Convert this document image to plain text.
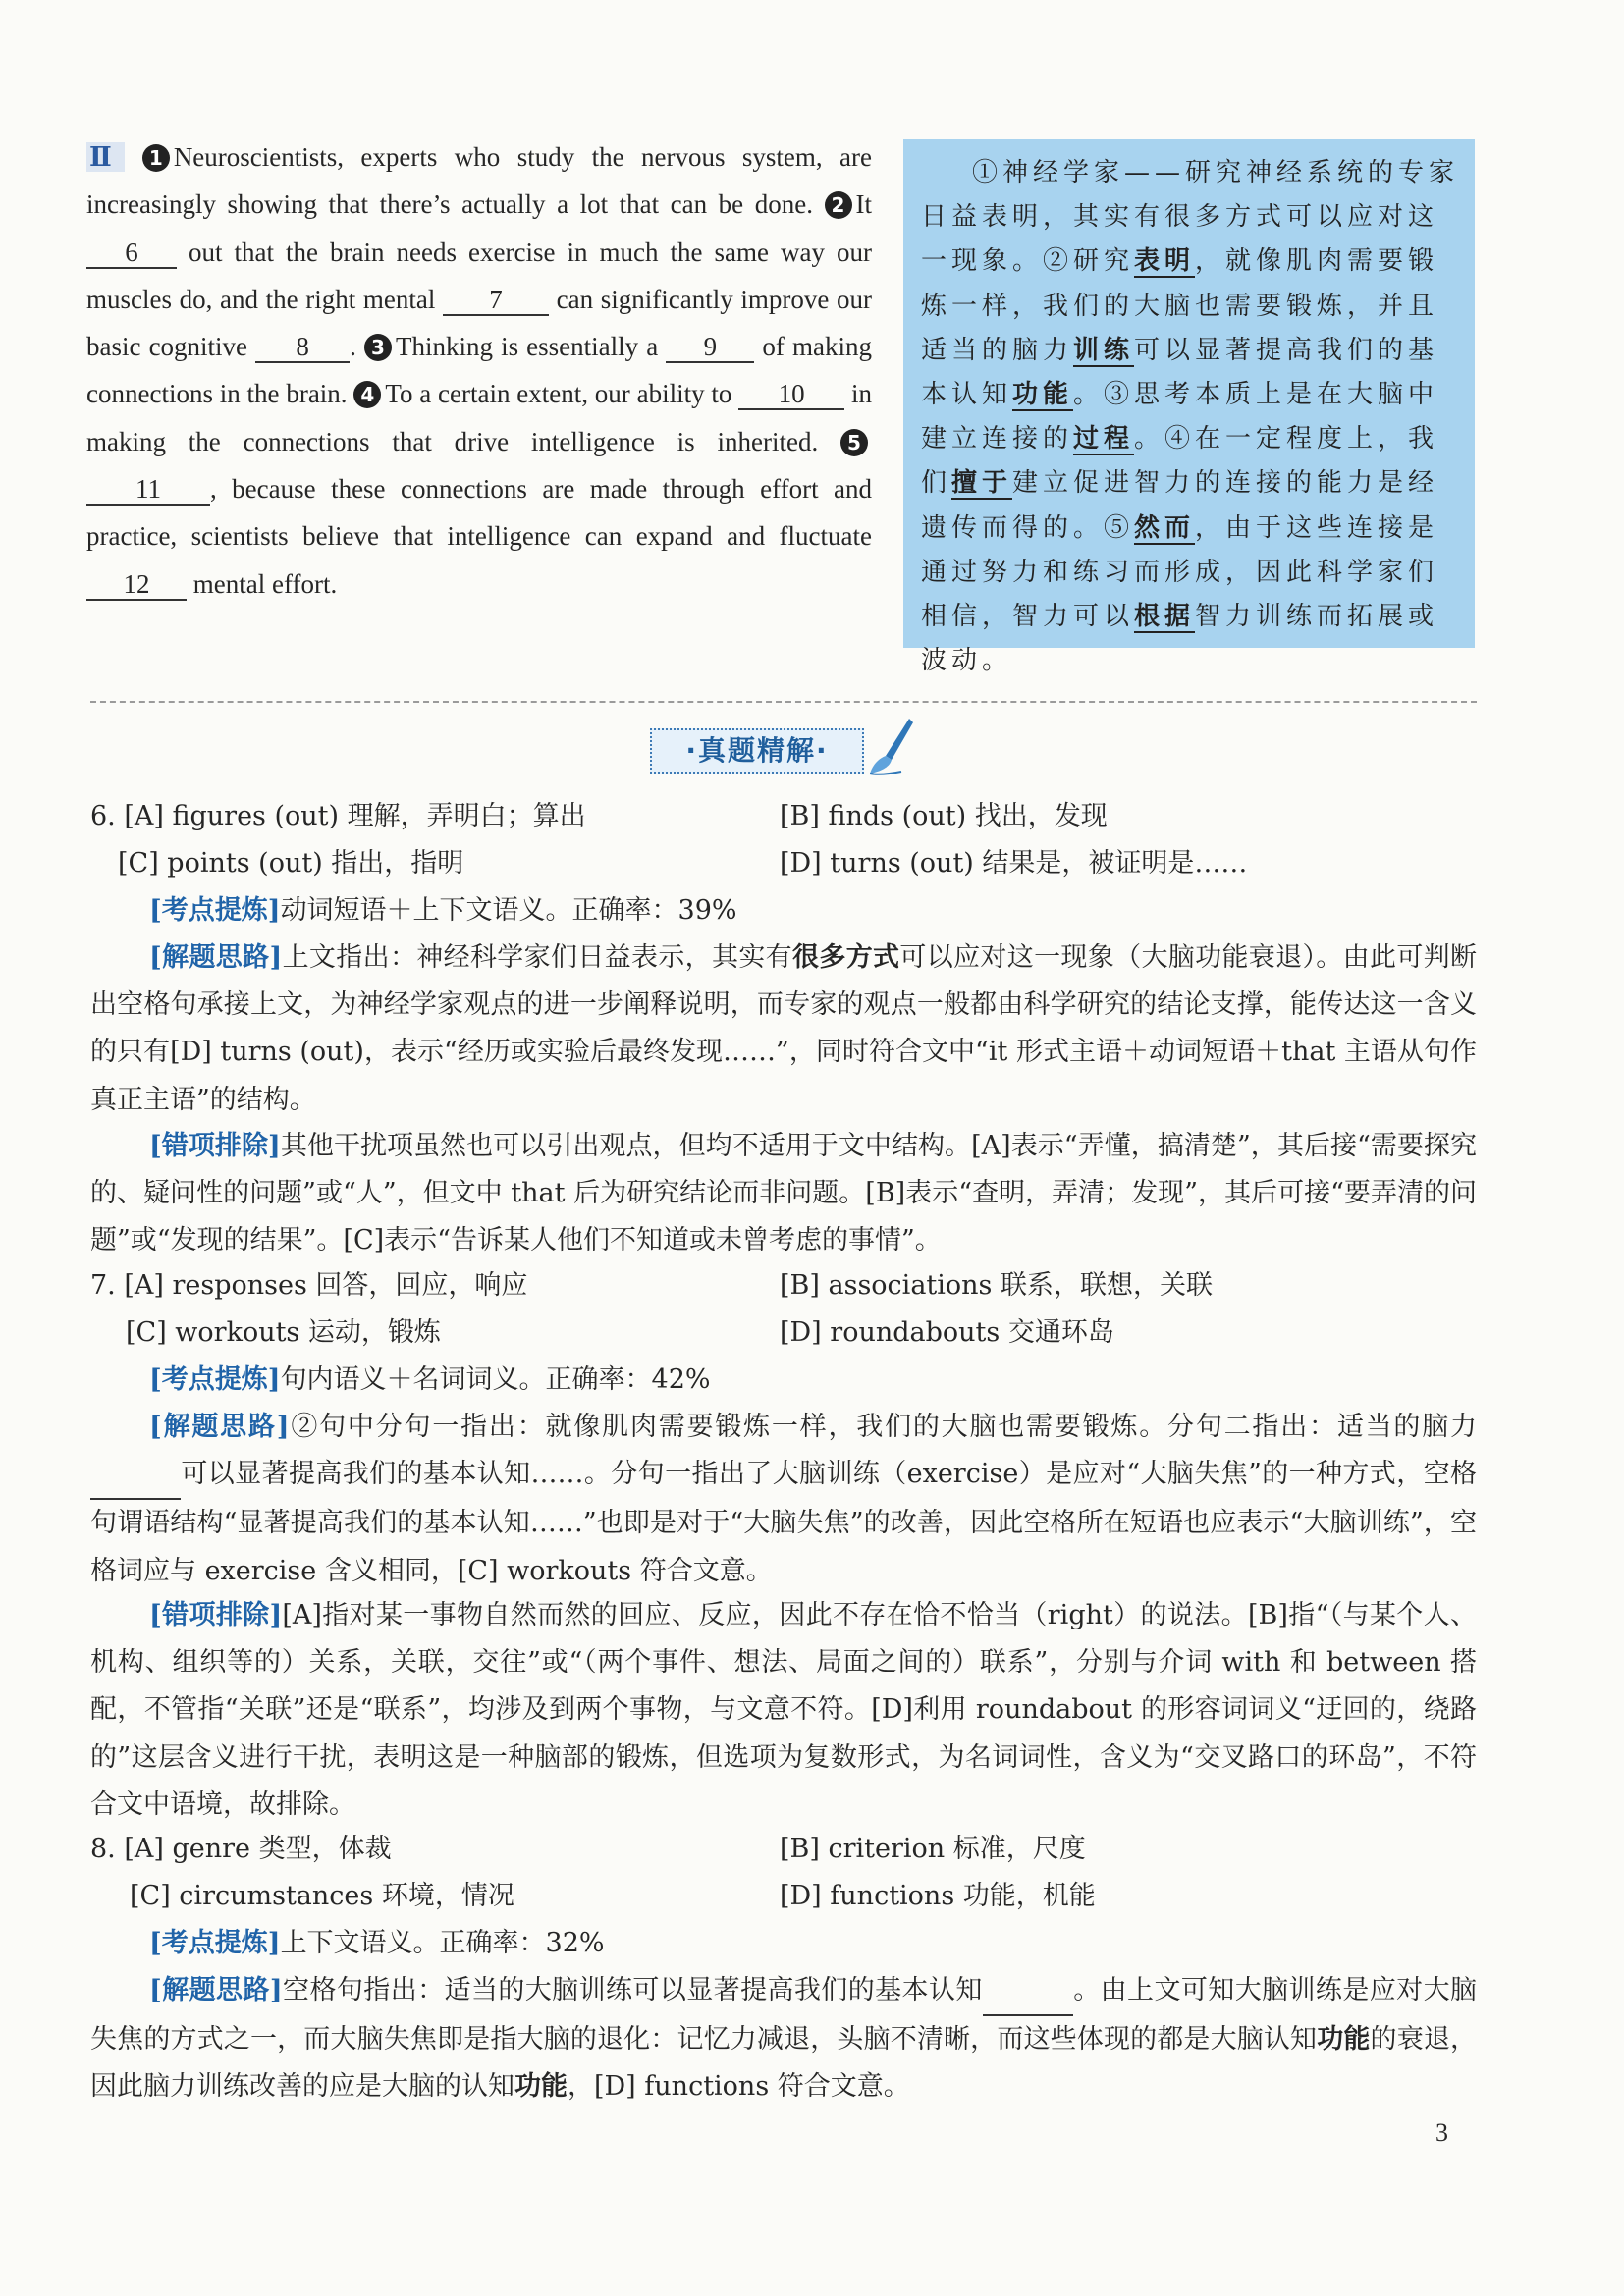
Ⅱ 1 Neuroscientists, experts who study the nervous system, are increasingly showing that there’s actually a lot that can be done. 2 It 6 out that the brain needs exercise in much the same way our muscles do, and the right mental 7 can significantly improve our basic cognitive 8 . 3 Thinking is essentially a 9 of making connections in the brain. 4 To a certain extent, our ability to 10 in making the connections that drive intelligence is inherited. 5 11 , because these connections are made through effort and practice, scientists believe that intelligence can expand and fluctuate 12 mental effort.
①神经学家——研究神经系统的专家日益表明，其实有很多方式可以应对这一现象。②研究表明，就像肌肉需要锻炼一样，我们的大脑也需要锻炼，并且适当的脑力训练可以显著提高我们的基本认知功能。③思考本质上是在大脑中建立连接的过程。④在一定程度上，我们擅于建立促进智力的连接的能力是经遗传而得的。⑤然而，由于这些连接是通过努力和练习而形成，因此科学家们相信，智力可以根据智力训练而拓展或波动。
·真题精解·
6. [A] figures (out) 理解，弄明白；算出	[B] finds (out) 找出，发现
[C] points (out) 指出，指明	[D] turns (out) 结果是，被证明是……
[考点提炼]动词短语＋上下文语义。正确率：39%
[解题思路]上文指出：神经科学家们日益表示，其实有很多方式可以应对这一现象（大脑功能衰退）。由此可判断出空格句承接上文，为神经学家观点的进一步阐释说明，而专家的观点一般都由科学研究的结论支撑，能传达这一含义的只有[D] turns (out)，表示“经历或实验后最终发现……”，同时符合文中“it 形式主语＋动词短语＋that 主语从句作真正主语”的结构。
[错项排除]其他干扰项虽然也可以引出观点，但均不适用于文中结构。[A]表示“弄懂，搞清楚”，其后接“需要探究的、疑问性的问题”或“人”，但文中 that 后为研究结论而非问题。[B]表示“查明，弄清；发现”，其后可接“要弄清的问题”或“发现的结果”。[C]表示“告诉某人他们不知道或未曾考虑的事情”。
7. [A] responses 回答，回应，响应	[B] associations 联系，联想，关联
[C] workouts 运动，锻炼	[D] roundabouts 交通环岛
[考点提炼]句内语义＋名词词义。正确率：42%
[解题思路]②句中分句一指出：就像肌肉需要锻炼一样，我们的大脑也需要锻炼。分句二指出：适当的脑力 可以显著提高我们的基本认知……。分句一指出了大脑训练（exercise）是应对“大脑失焦”的一种方式，空格句谓语结构“显著提高我们的基本认知……”也即是对于“大脑失焦”的改善，因此空格所在短语也应表示“大脑训练”，空格词应与 exercise 含义相同，[C] workouts 符合文意。
[错项排除][A]指对某一事物自然而然的回应、反应，因此不存在恰不恰当（right）的说法。[B]指“（与某个人、机构、组织等的）关系，关联，交往”或“（两个事件、想法、局面之间的）联系”，分别与介词 with 和 between 搭配，不管指“关联”还是“联系”，均涉及到两个事物，与文意不符。[D]利用 roundabout 的形容词词义“迂回的，绕路的”这层含义进行干扰，表明这是一种脑部的锻炼，但选项为复数形式，为名词词性，含义为“交叉路口的环岛”，不符合文中语境，故排除。
8. [A] genre 类型，体裁	[B] criterion 标准，尺度
[C] circumstances 环境，情况	[D] functions 功能，机能
[考点提炼]上下文语义。正确率：32%
[解题思路]空格句指出：适当的大脑训练可以显著提高我们的基本认知	。由上文可知大脑训练是应对大脑失焦的方式之一，而大脑失焦即是指大脑的退化：记忆力减退，头脑不清晰，而这些体现的都是大脑认知功能的衰退，因此脑力训练改善的应是大脑的认知功能，[D] functions 符合文意。
3
